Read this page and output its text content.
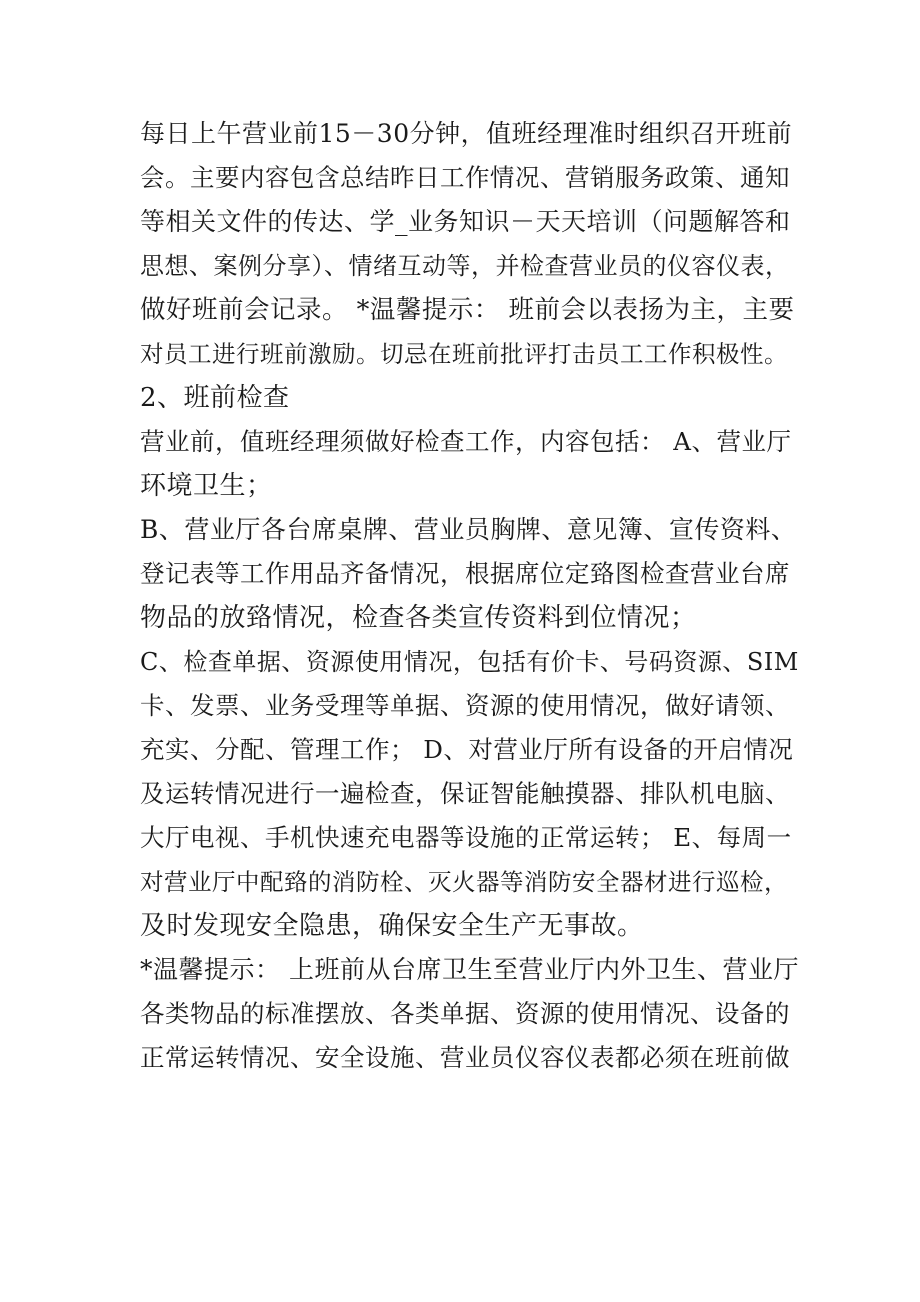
每日上午营业前15－30分钟，值班经理准时组织召开班前
会。主要内容包含总结昨日工作情况、营销服务政策、通知
等相关文件的传达、学_业务知识－天天培训（问题解答和
思想、案例分享）、情绪互动等，并检查营业员的仪容仪表，
做好班前会记录。 *温馨提示： 班前会以表扬为主，主要
对员工进行班前激励。切忌在班前批评打击员工工作积极性。
2、班前检查
营业前，值班经理须做好检查工作，内容包括： A、营业厅
环境卫生；
B、营业厅各台席桌牌、营业员胸牌、意见簿、宣传资料、
登记表等工作用品齐备情况，根据席位定臵图检查营业台席
物品的放臵情况，检查各类宣传资料到位情况；
C、检查单据、资源使用情况，包括有价卡、号码资源、SIM
卡、发票、业务受理等单据、资源的使用情况，做好请领、
充实、分配、管理工作； D、对营业厅所有设备的开启情况
及运转情况进行一遍检查，保证智能触摸器、排队机电脑、
大厅电视、手机快速充电器等设施的正常运转； E、每周一
对营业厅中配臵的消防栓、灭火器等消防安全器材进行巡检，
及时发现安全隐患，确保安全生产无事故。
*温馨提示： 上班前从台席卫生至营业厅内外卫生、营业厅
各类物品的标准摆放、各类单据、资源的使用情况、设备的
正常运转情况、安全设施、营业员仪容仪表都必须在班前做
